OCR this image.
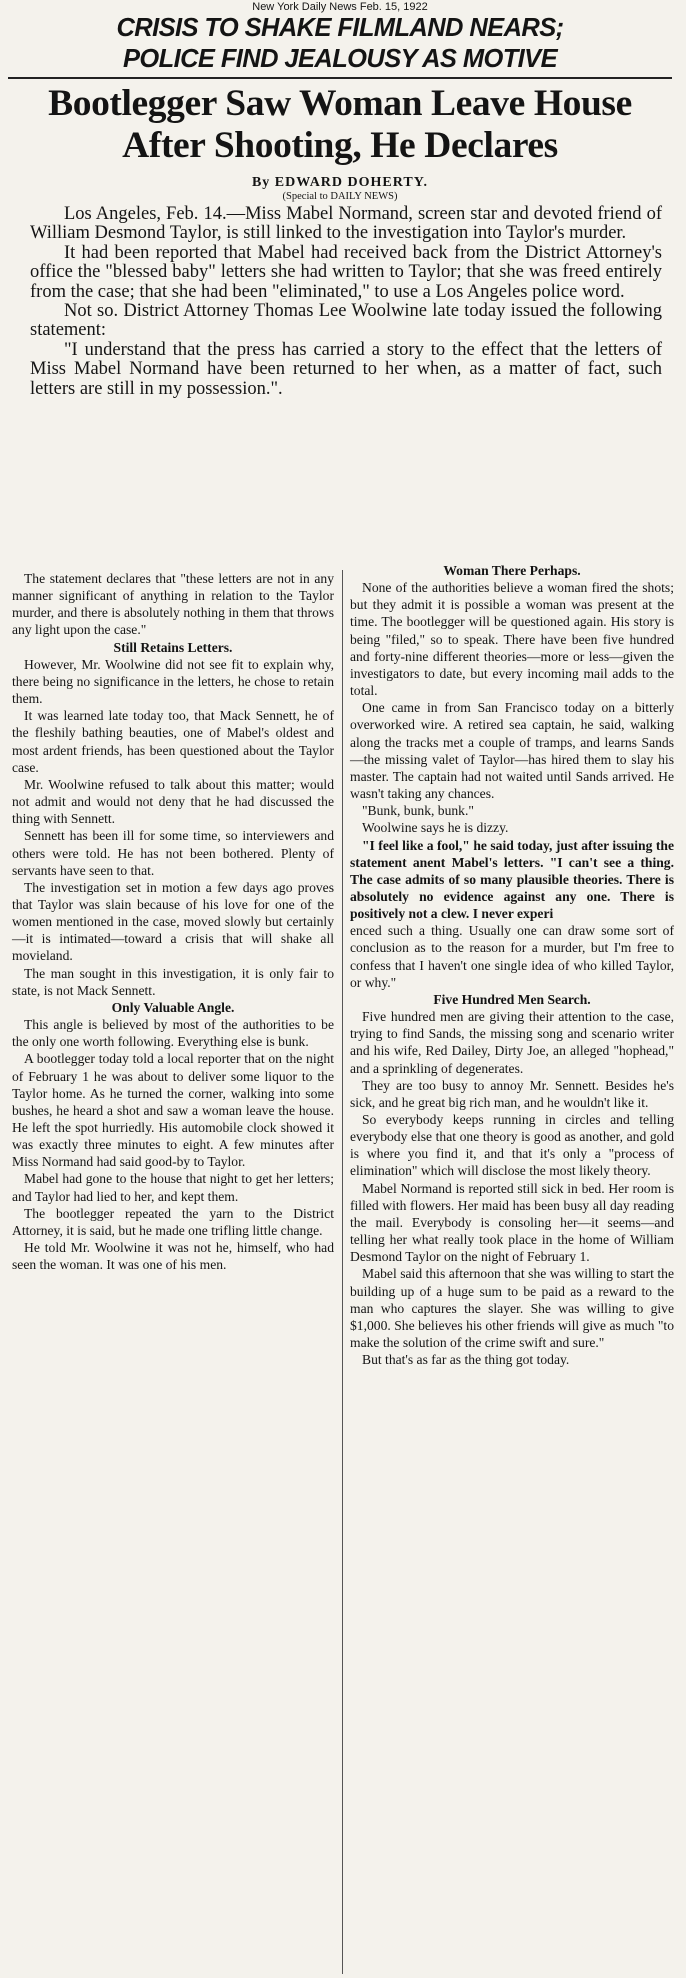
New York Daily News Feb. 15, 1922
CRISIS TO SHAKE FILMLAND NEARS;
POLICE FIND JEALOUSY AS MOTIVE
Bootlegger Saw Woman Leave House
After Shooting, He Declares
By EDWARD DOHERTY.
(Special to DAILY NEWS)

Los Angeles, Feb. 14.—Miss Mabel Normand, screen star and devoted friend of William Desmond Taylor, is still linked to the investigation into Taylor's murder.

It had been reported that Mabel had received back from the District Attorney's office the "blessed baby" letters she had written to Taylor; that she was freed entirely from the case; that she had been "eliminated," to use a Los Angeles police word.

Not so. District Attorney Thomas Lee Woolwine late today issued the following statement:

"I understand that the press has carried a story to the effect that the letters of Miss Mabel Normand have been returned to her when, as a matter of fact, such letters are still in my possession.".

The statement declares that "these letters are not in any manner significant of anything in relation to the Taylor murder, and there is absolutely nothing in them that throws any light upon the case."

Still Retains Letters.

However, Mr. Woolwine did not see fit to explain why, there being no significance in the letters, he chose to retain them.

It was learned late today too, that Mack Sennett, he of the fleshily bathing beauties, one of Mabel's oldest and most ardent friends, has been questioned about the Taylor case.

Mr. Woolwine refused to talk about this matter; would not admit and would not deny that he had discussed the thing with Sennett.

Sennett has been ill for some time, so interviewers and others were told. He has not been bothered. Plenty of servants have seen to that.

The investigation set in motion a few days ago proves that Taylor was slain because of his love for one of the women mentioned in the case, moved slowly but certainly—it is intimated—toward a crisis that will shake all movieland.

The man sought in this investigation, it is only fair to state, is not Mack Sennett.

Only Valuable Angle.

This angle is believed by most of the authorities to be the only one worth following. Everything else is bunk.

A bootlegger today told a local reporter that on the night of February 1 he was about to deliver some liquor to the Taylor home. As he turned the corner, walking into some bushes, he heard a shot and saw a woman leave the house. He left the spot hurriedly. His automobile clock showed it was exactly three minutes to eight. A few minutes after Miss Normand had said good-by to Taylor.

Mabel had gone to the house that night to get her letters; and Taylor had lied to her, and kept them.

The bootlegger repeated the yarn to the District Attorney, it is said, but he made one trifling little change.

He told Mr. Woolwine it was not he, himself, who had seen the woman. It was one of his men.

Woman There Perhaps.

None of the authorities believe a woman fired the shots; but they admit it is possible a woman was present at the time. The bootlegger will be questioned again. His story is being "filed," so to speak. There have been five hundred and forty-nine different theories—more or less—given the investigators to date, but every incoming mail adds to the total.

One came in from San Francisco today on a bitterly overworked wire. A retired sea captain, he said, walking along the tracks met a couple of tramps, and learns Sands—the missing valet of Taylor—has hired them to slay his master. The captain had not waited until Sands arrived. He wasn't taking any chances.

"Bunk, bunk, bunk."

Woolwine says he is dizzy.

"I feel like a fool," he said today, just after issuing the statement anent Mabel's letters. "I can't see a thing. The case admits of so many plausible theories. There is absolutely no evidence against any one. There is positively not a clew. I never experi

enced such a thing. Usually one can draw some sort of conclusion as to the reason for a murder, but I'm free to confess that I haven't one single idea of who killed Taylor, or why."

Five Hundred Men Search.

Five hundred men are giving their attention to the case, trying to find Sands, the missing song and scenario writer and his wife, Red Dailey, Dirty Joe, an alleged "hophead," and a sprinkling of degenerates.

They are too busy to annoy Mr. Sennett. Besides he's sick, and he great big rich man, and he wouldn't like it.

So everybody keeps running in circles and telling everybody else that one theory is good as another, and gold is where you find it, and that it's only a "process of elimination" which will disclose the most likely theory.

Mabel Normand is reported still sick in bed. Her room is filled with flowers. Her maid has been busy all day reading the mail. Everybody is consoling her—it seems—and telling her what really took place in the home of William Desmond Taylor on the night of February 1.

Mabel said this afternoon that she was willing to start the building up of a huge sum to be paid as a reward to the man who captures the slayer. She was willing to give $1,000. She believes his other friends will give as much "to make the solution of the crime swift and sure."

But that's as far as the thing got today.
